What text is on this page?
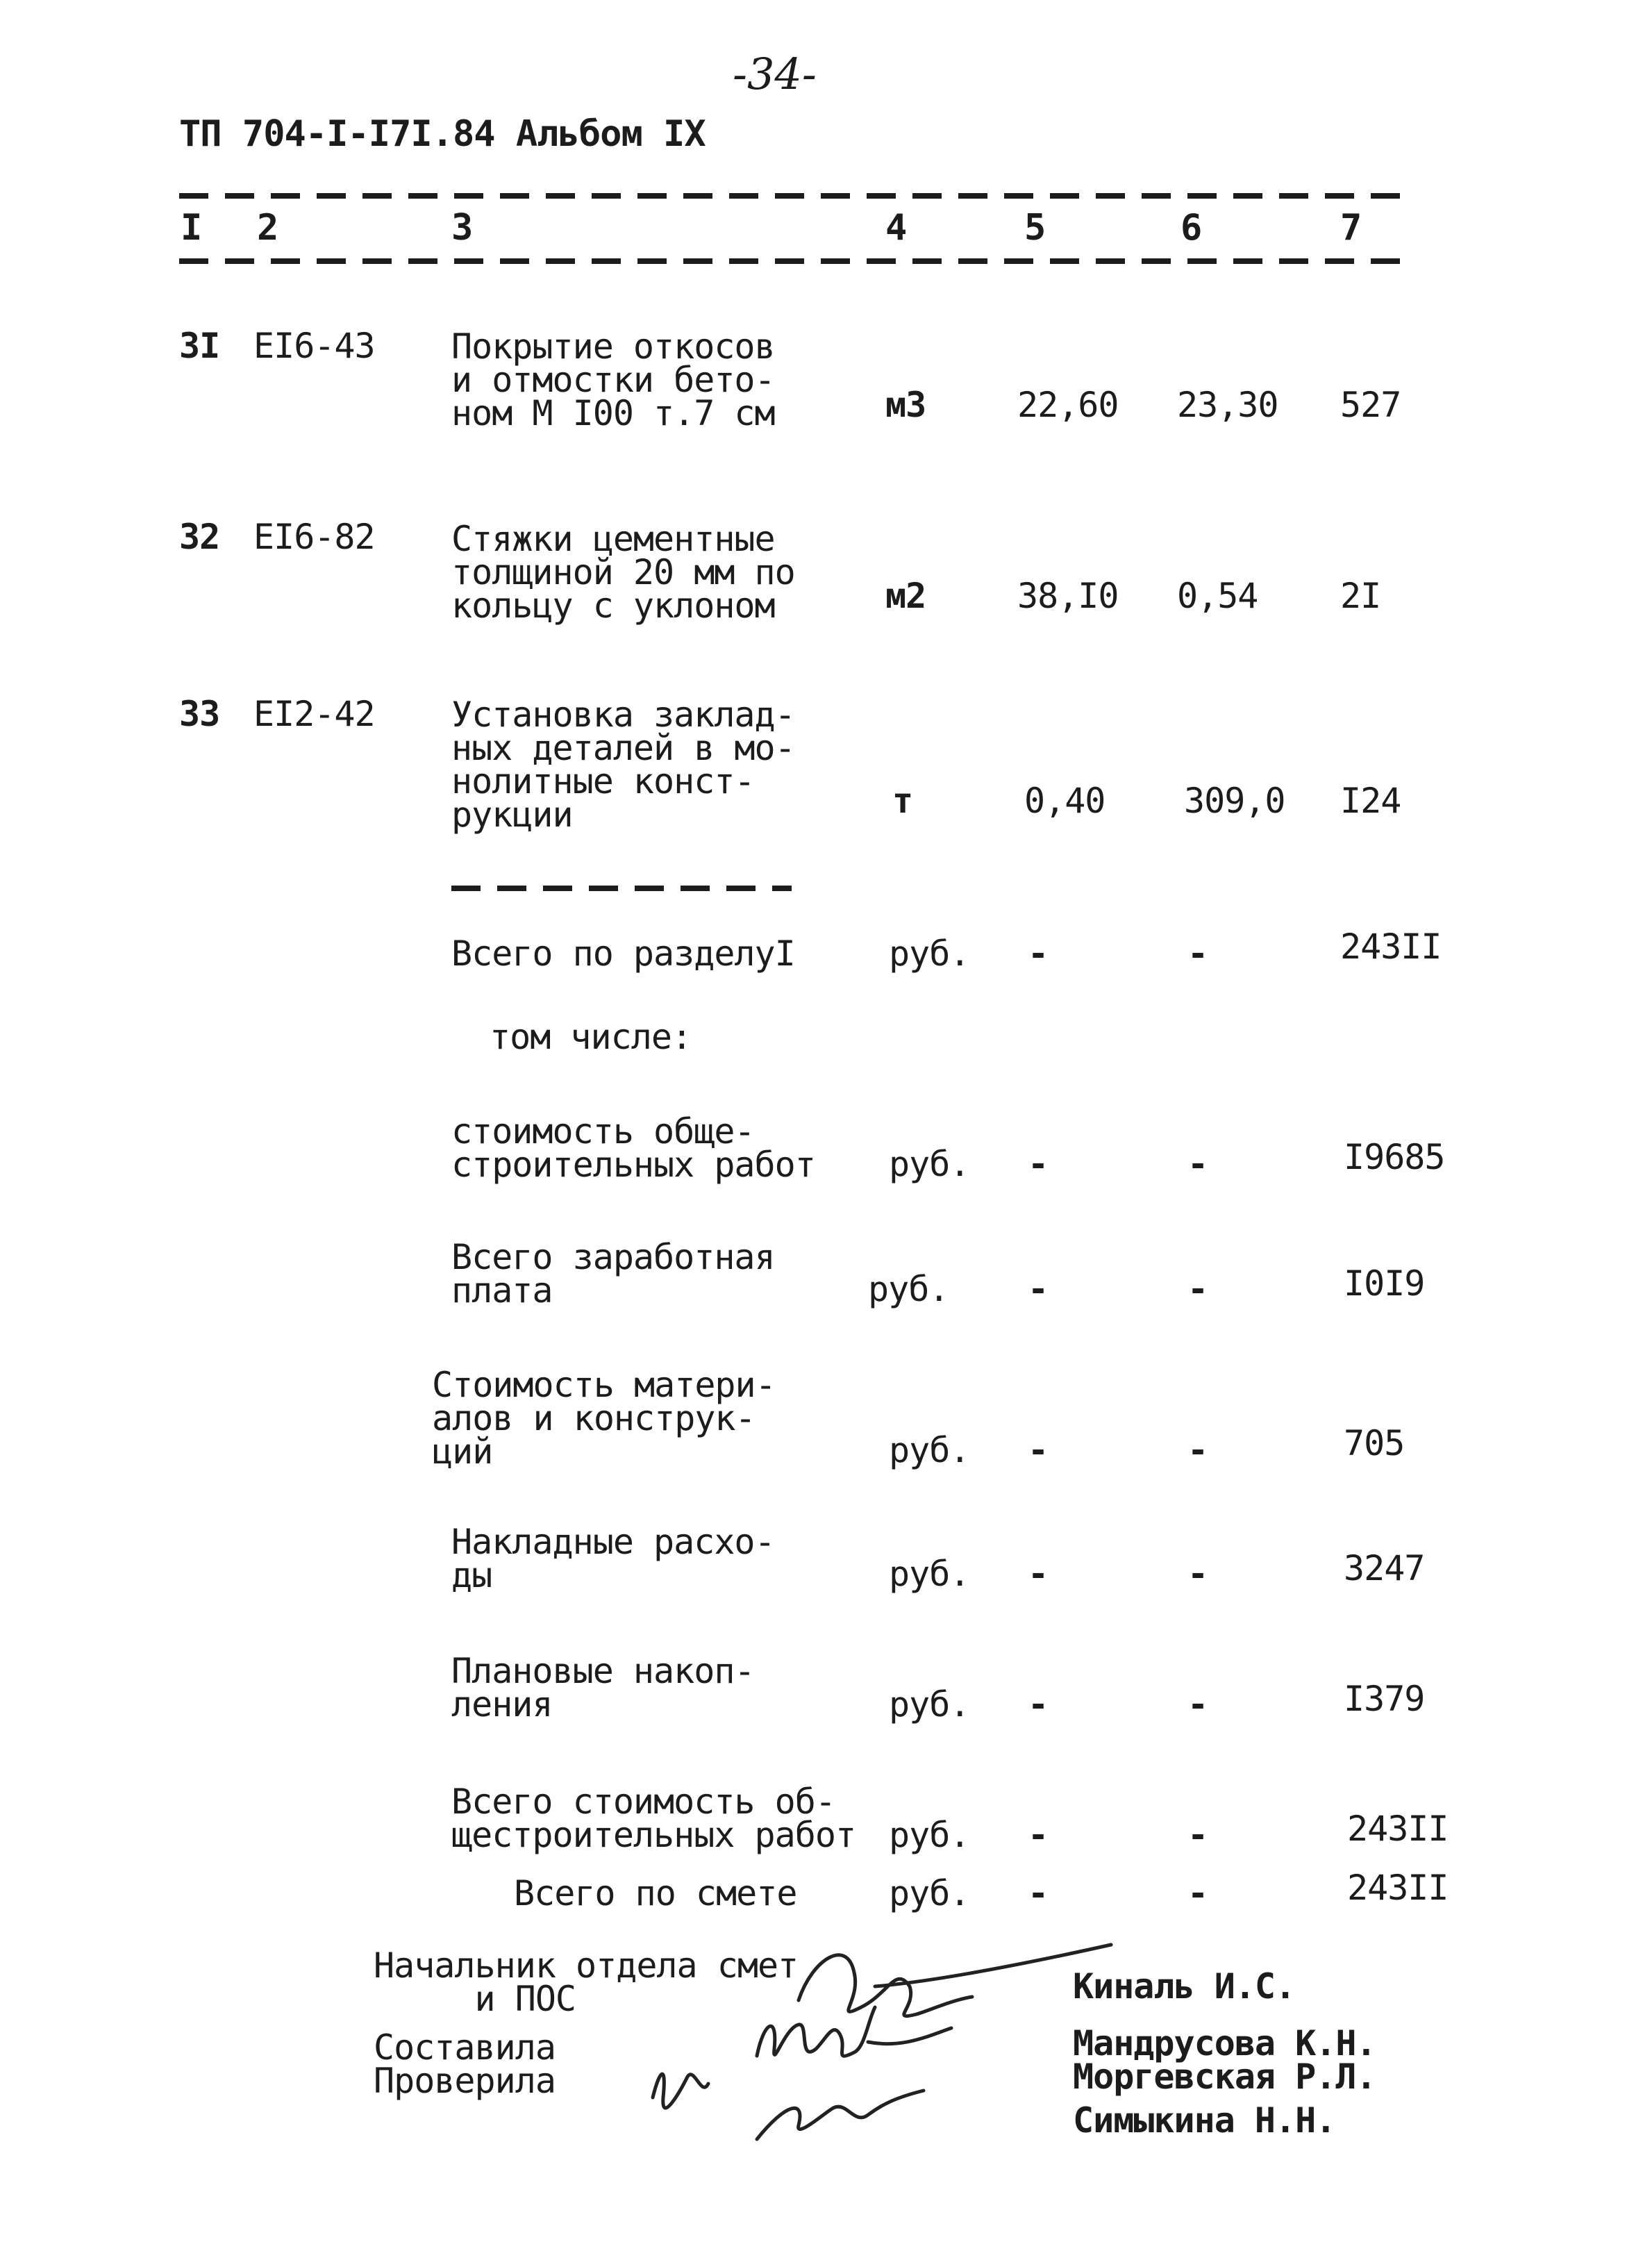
-34-
ТП 704-I-I7I.84 Альбом IX
I 2	3	4	5	6	7
3I EI6-43 Покрытие откосов
и отмостки бето-
ном М I00 т.7 см	м3	22,60 23,30 527
32 EI6-82 Стяжки цементные
толщиной 20 мм по
кольцу с уклоном	м2	38,I0 0,54 2I
33 EI2-42 Установка заклад-
ных деталей в мо-
нолитные конст-
рукции	т	0,40 309,0 I24
Всего по разделуI	руб. -	-	243II
том числе:
стоимость обще-
строительных работ руб. -	-	I9685
Всего заработная
плата	руб. -	-	I0I9
Стоимость матери-
алов и конструк-
ций	руб. -	-	705
Накладные расхо-
ды	руб. -	-	3247
Плановые накоп-
ления	руб. -	-	I379
Всего стоимость об-
щестроительных работ руб. -	-	243II
Всего по смете	руб. -	-	243II
Начальник отдела смет
и ПОС	Киналь И.С.
Составила	Мандрусова К.Н.
Моргевская Р.Л.
Проверила
Симыкина Н.Н.
